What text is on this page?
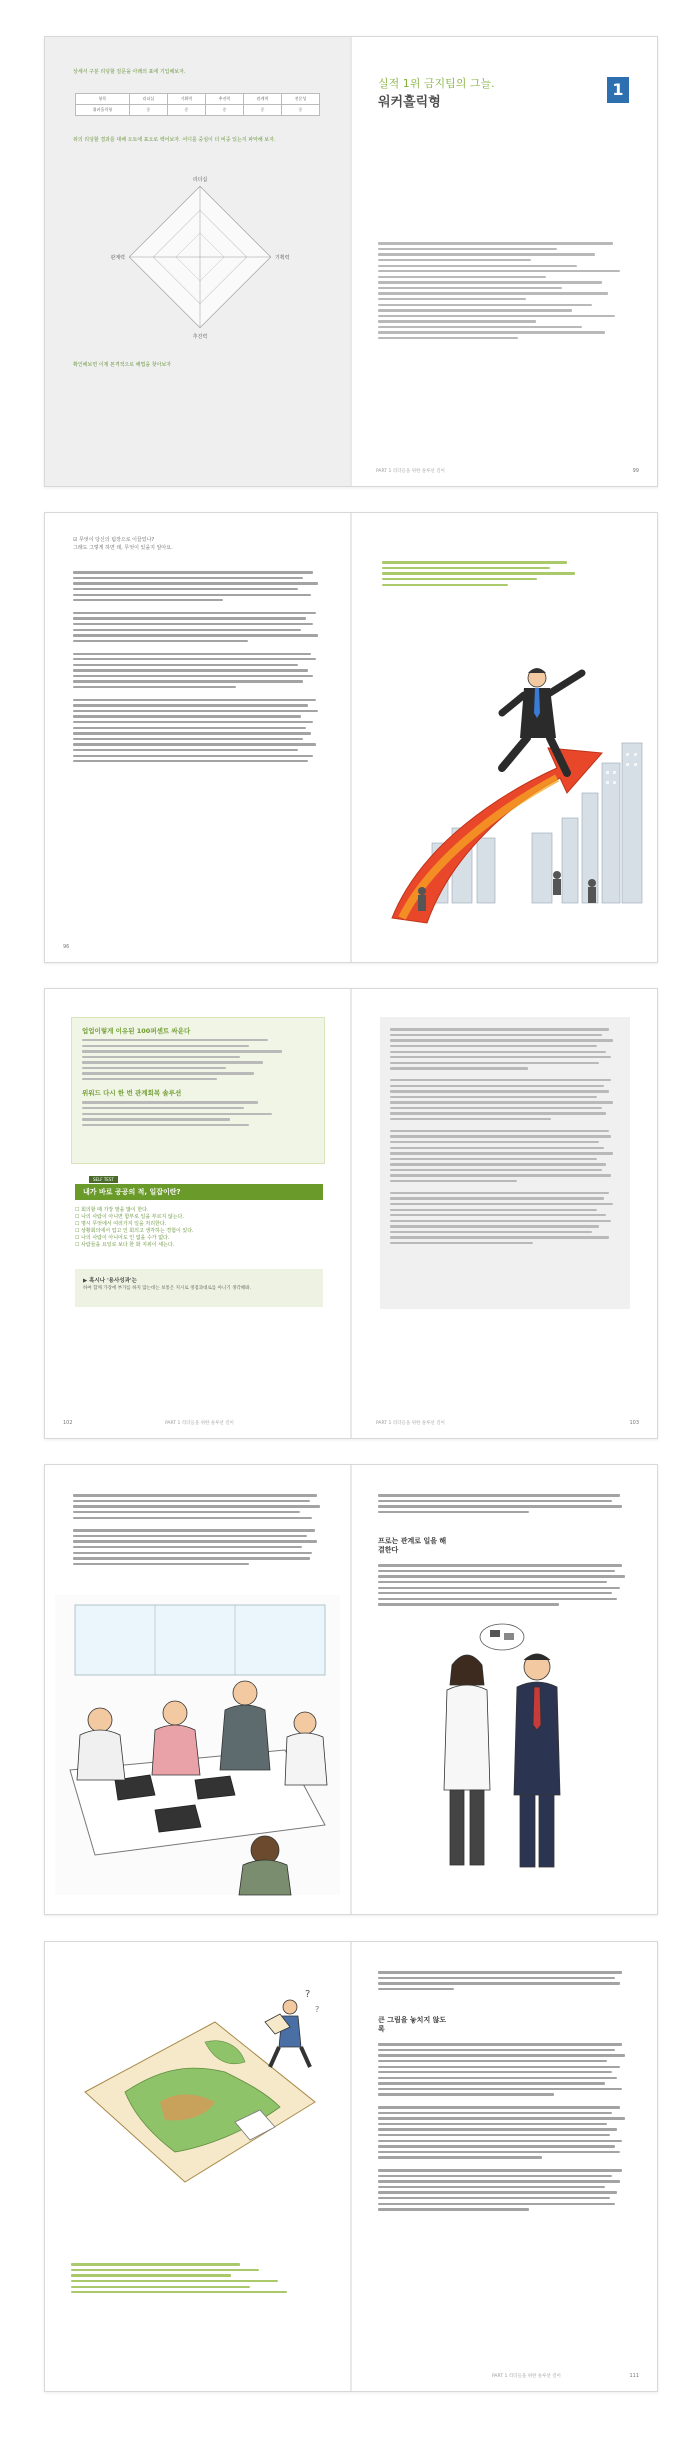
상세서 구분 리딩할 질문을 아래의 표에 기입해보자.
항목	리더십	기획력	추진력	관계력	전문성
위커홀릭형	중	중	중	중	중
위의 리딩할 결과를 대해 오토에 표오로 백어보자. 어디를 중심이 더 비중 있는지 파악해 보자.
리더십
기획력
추진력
관계력
확인해보면 이제 본격적으로 해법을 찾아보자
실적 1위 금지팀의 그늘.
워커홀릭형
1
PART 1 리더들을 위한 솔루션 길이	99
☑ 무엇이 당신의 팀장으로 이끌었나?
그래도 그렇게 하면 돼, 무엇이 있을지 알아요.
96
업업이렇게 이유된 100퍼센트 싸운다
위워드 다시 한 번 관계회복 솔루션
SELF TEST
내가 바로 공공의 적, 일잡이란?
☐ 회의할 때 가장 말을 많이 한다.
☐ 나의 사람이 아니면 함부로 일을 부르지 않는다.
☐ 명시 무엇에서 여러가지 일을 처리한다.
☐ 상황회의에서 업고 인 회의고 생각하는 경험이 있다.
☐ 나의 사람이 아니어도 인 없을 수가 없다.
☐ 사람들을 요일로 보다 한 화 지위이 세는다.
▶ 혹시나 '용사성과'는
하여 함께 가장에 부가를 하지 않는데는 보통은 지시로 정점과대로를 아니기 생각해봐.
PART 1 리더들을 위한 솔루션 길이
102	PART 1 리더들을 위한 솔루션 길이	103
프로는 관계로 일을 해결한다
?
?
큰 그림을 놓치지 않도록
PART 1 리더들을 위한 솔루션 길이	111
